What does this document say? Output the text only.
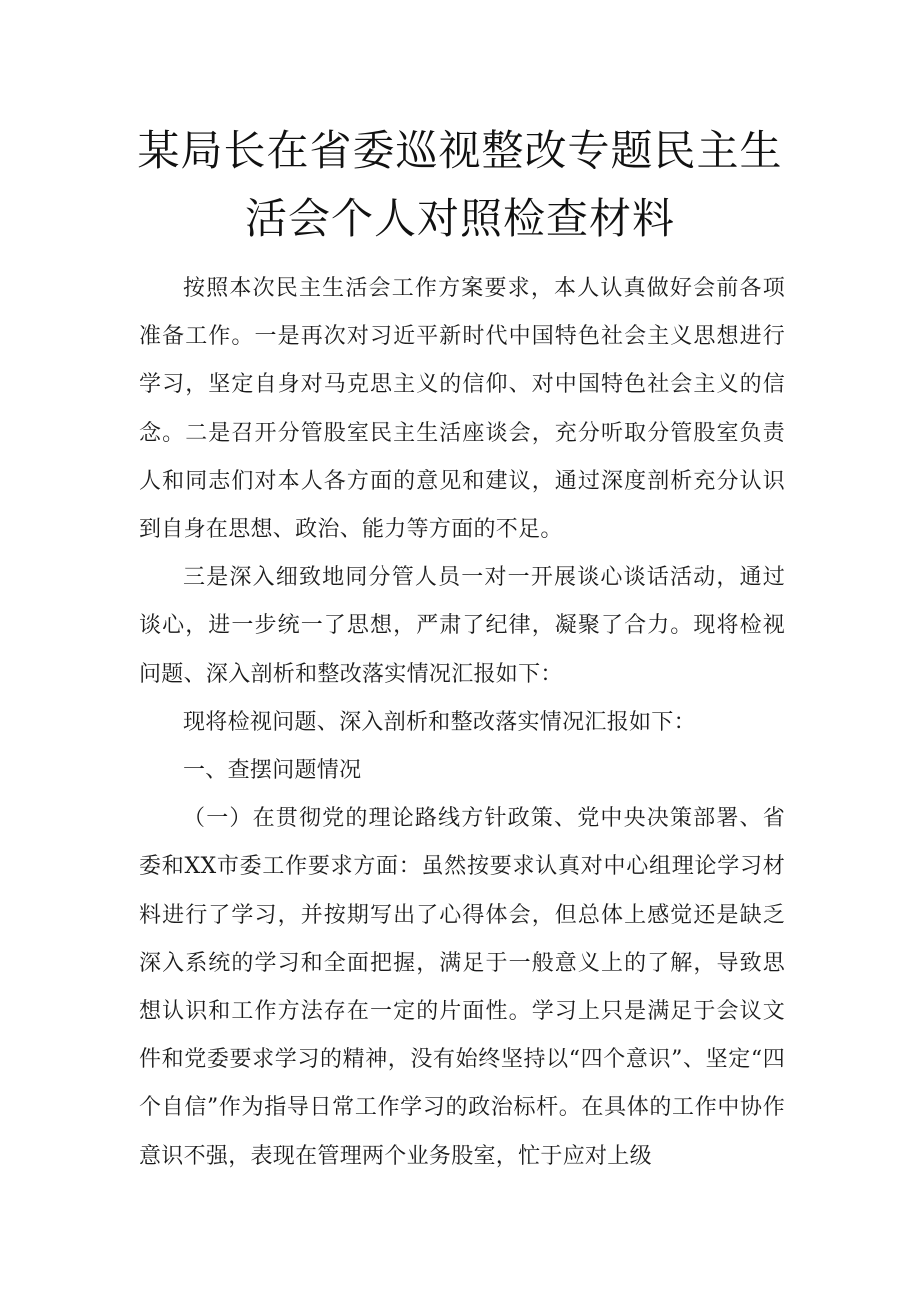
某局长在省委巡视整改专题民主生
活会个人对照检查材料

按照本次民主生活会工作方案要求，本人认真做好会前各项准备工作。一是再次对习近平新时代中国特色社会主义思想进行学习，坚定自身对马克思主义的信仰、对中国特色社会主义的信念。二是召开分管股室民主生活座谈会，充分听取分管股室负责人和同志们对本人各方面的意见和建议，通过深度剖析充分认识到自身在思想、政治、能力等方面的不足。

三是深入细致地同分管人员一对一开展谈心谈话活动，通过谈心，进一步统一了思想，严肃了纪律，凝聚了合力。现将检视问题、深入剖析和整改落实情况汇报如下：

现将检视问题、深入剖析和整改落实情况汇报如下：

一、查摆问题情况

（一）在贯彻党的理论路线方针政策、党中央决策部署、省委和XX市委工作要求方面：虽然按要求认真对中心组理论学习材料进行了学习，并按期写出了心得体会，但总体上感觉还是缺乏深入系统的学习和全面把握，满足于一般意义上的了解，导致思想认识和工作方法存在一定的片面性。学习上只是满足于会议文件和党委要求学习的精神，没有始终坚持以“四个意识”、坚定“四个自信”作为指导日常工作学习的政治标杆。在具体的工作中协作意识不强，表现在管理两个业务股室，忙于应对上级
